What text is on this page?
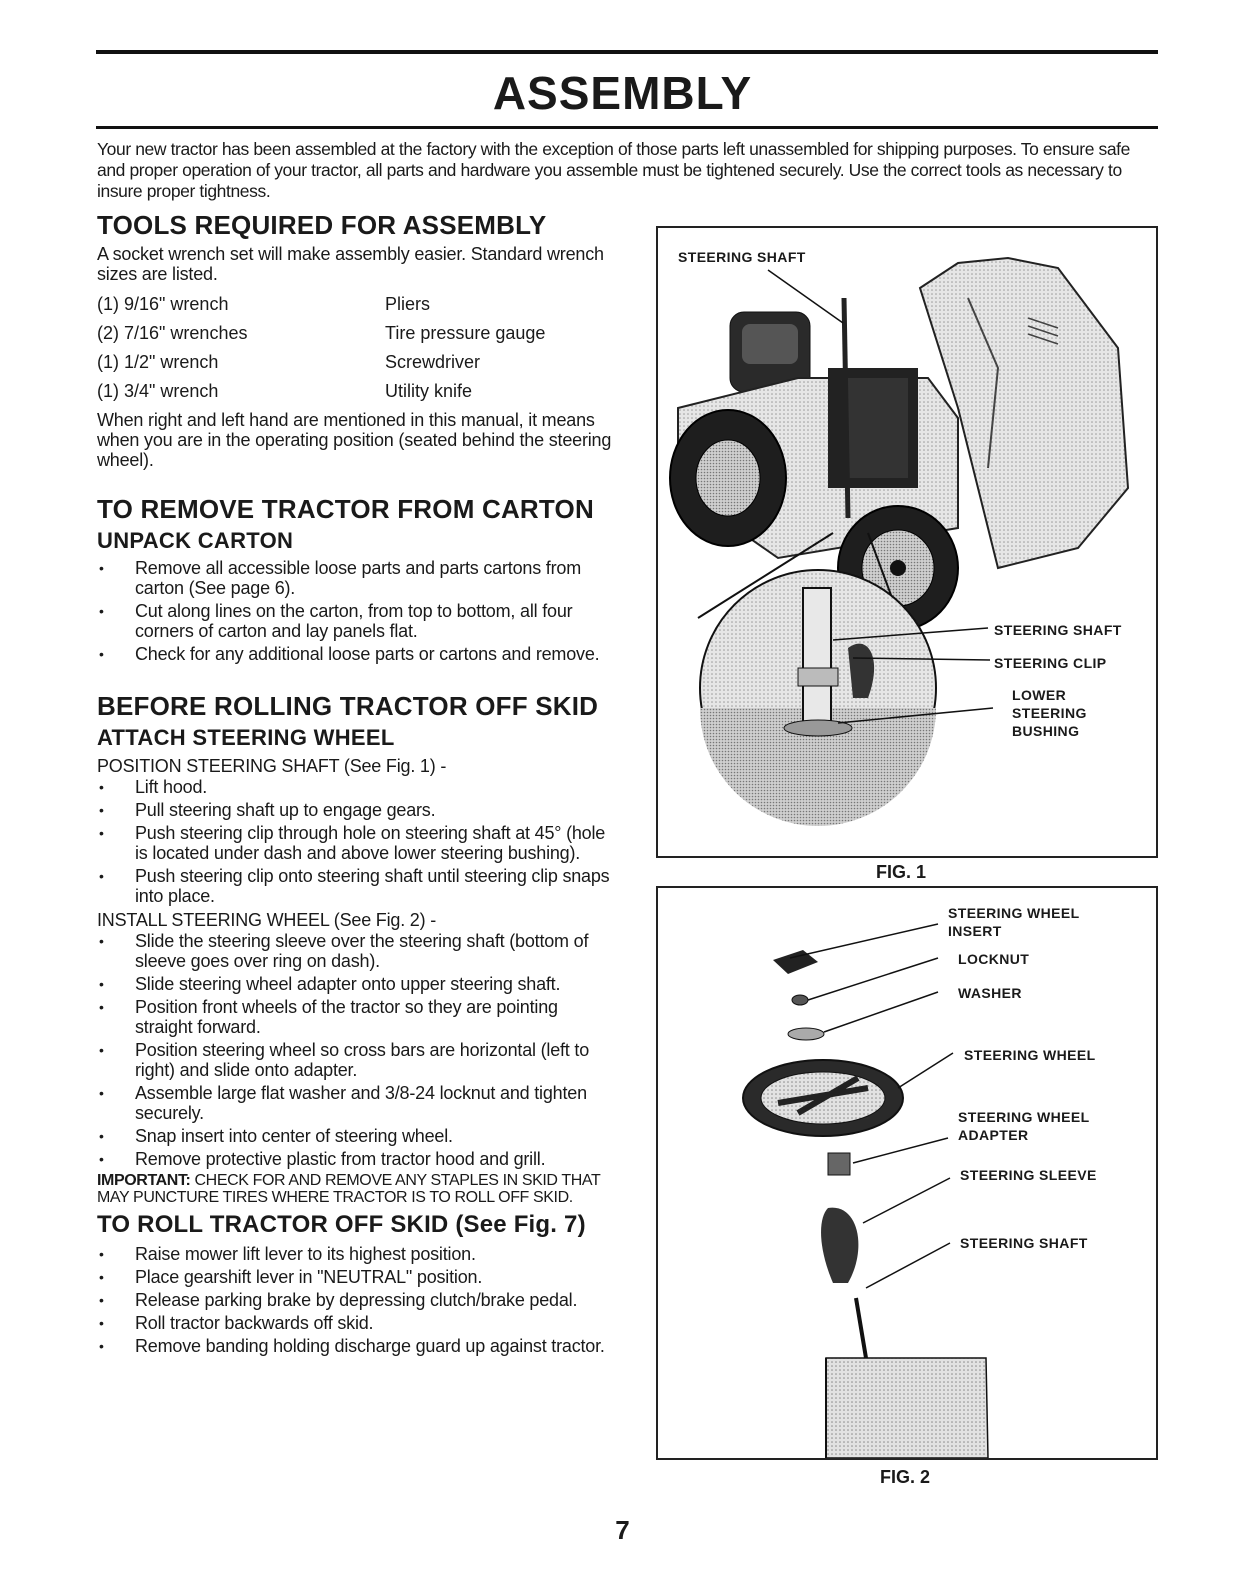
ASSEMBLY

Your new tractor has been assembled at the factory with the exception of those parts left unassembled for shipping purposes. To ensure safe and proper operation of your tractor, all parts and hardware you assemble must be tightened securely. Use the correct tools as necessary to insure proper tightness.

TOOLS REQUIRED FOR ASSEMBLY

A socket wrench set will make assembly easier. Standard wrench sizes are listed.

(1) 9/16" wrench	Pliers
(2) 7/16" wrenches	Tire pressure gauge
(1) 1/2" wrench	Screwdriver
(1) 3/4" wrench	Utility knife

When right and left hand are mentioned in this manual, it means when you are in the operating position (seated behind the steering wheel).

TO REMOVE TRACTOR FROM CARTON
UNPACK CARTON
• Remove all accessible loose parts and parts cartons from carton (See page 6).
• Cut along lines on the carton, from top to bottom, all four corners of carton and lay panels flat.
• Check for any additional loose parts or cartons and remove.
BEFORE ROLLING TRACTOR OFF SKID
ATTACH STEERING WHEEL

POSITION STEERING SHAFT (See Fig. 1) -

• Lift hood.
• Pull steering shaft up to engage gears.
• Push steering clip through hole on steering shaft at 45° (hole is located under dash and above lower steering bushing).
• Push steering clip onto steering shaft until steering clip snaps into place.

INSTALL STEERING WHEEL (See Fig. 2) -

• Slide the steering sleeve over the steering shaft (bottom of sleeve goes over ring on dash).
• Slide steering wheel adapter onto upper steering shaft.
• Position front wheels of the tractor so they are pointing straight forward.
• Position steering wheel so cross bars are horizontal (left to right) and slide onto adapter.
• Assemble large flat washer and 3/8-24 locknut and tighten securely.
• Snap insert into center of steering wheel.
• Remove protective plastic from tractor hood and grill.

IMPORTANT: CHECK FOR AND REMOVE ANY STAPLES IN SKID THAT MAY PUNCTURE TIRES WHERE TRACTOR IS TO ROLL OFF SKID.

TO ROLL TRACTOR OFF SKID (See Fig. 7)
• Raise mower lift lever to its highest position.
• Place gearshift lever in "NEUTRAL" position.
• Release parking brake by depressing clutch/brake pedal.
• Roll tractor backwards off skid.
• Remove banding holding discharge guard up against tractor.
STEERING SHAFT
STEERING SHAFT
STEERING CLIP
LOWER
STEERING
BUSHING
FIG. 1
STEERING WHEEL
INSERT
LOCKNUT
WASHER
STEERING WHEEL
STEERING WHEEL
ADAPTER
STEERING SLEEVE
STEERING SHAFT
FIG. 2
7
